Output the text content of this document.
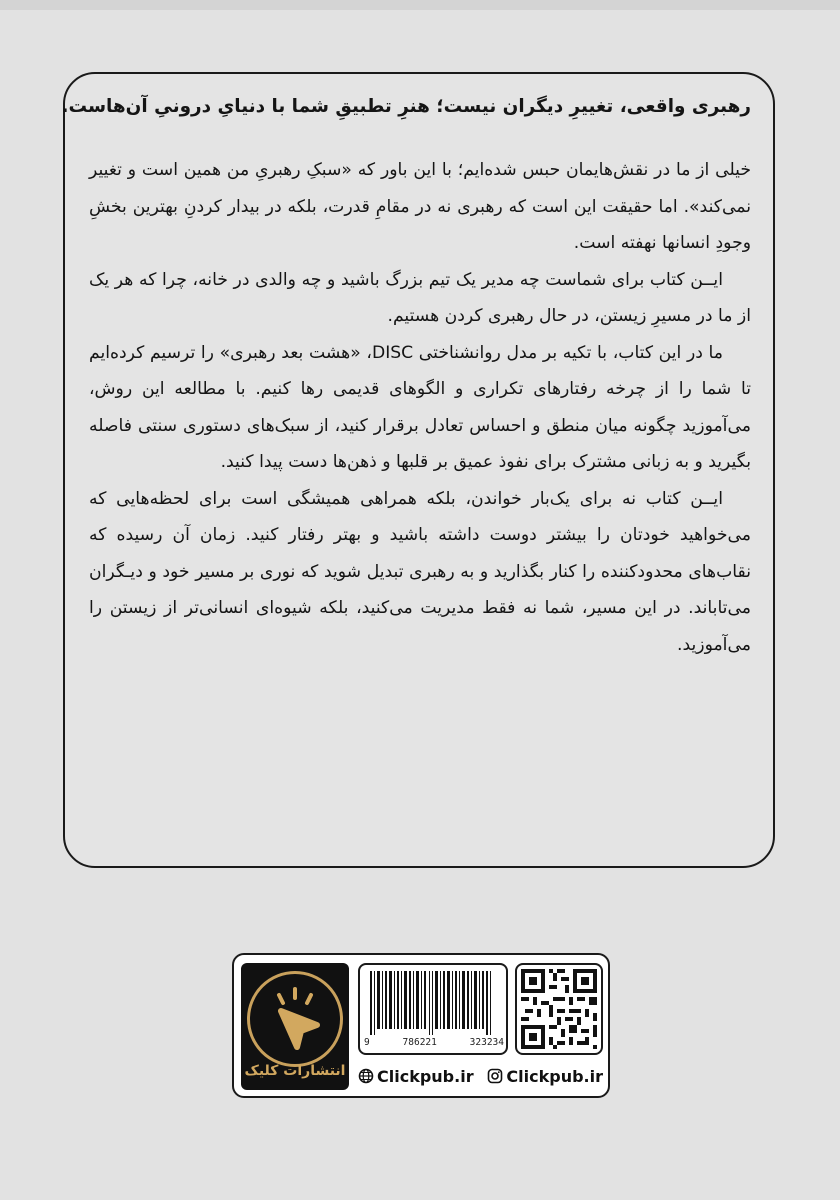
رهبری واقعی، تغییرِ دیگران نیست؛ هنرِ تطبیقِ شما با دنیایِ درونیِ آن‌هاست.

خیلی از ما در نقش‌هایمان حبس شده‌ایم؛ با این باور که «سبکِ رهبریِ من همین است و تغییر نمی‌کند». اما حقیقت این است که رهبری نه در مقامِ قدرت، بلکه در بیدار کردنِ بهترین بخشِ وجودِ انسانها نهفته است.

ایــن کتاب برای شماست چه مدیر یک تیم بزرگ باشید و چه والدی در خانه، چرا که هر یک از ما در مسیرِ زیستن، در حال رهبری کردن هستیم.

ما در این کتاب، با تکیه بر مدل روانشناختی DISC، «هشت بعد رهبری» را ترسیم کرده‌ایم تا شما را از چرخه رفتارهای تکراری و الگوهای قدیمی رها کنیم. با مطالعه این روش، می‌آموزید چگونه میان منطق و احساس تعادل برقرار کنید، از سبک‌های دستوری سنتی فاصله بگیرید و به زبانی مشترک برای نفوذ عمیق بر قلبها و ذهن‌ها دست پیدا کنید.

ایــن کتاب نه برای یک‌بار خواندن، بلکه همراهی همیشگی است برای لحظه‌هایی که می‌خواهید خودتان را بیشتر دوست داشته باشید و بهتر رفتار کنید. زمان آن رسیده که نقاب‌های محدودکننده را کنار بگذارید و به رهبری تبدیل شوید که نوری بر مسیر خود و دیـگران می‌تاباند. در این مسیر، شما نه فقط مدیریت می‌کنید، بلکه شیوه‌ای انسانی‌تر از زیستن را می‌آموزید.

انتشارات کلیک
9	786221	323234
Clickpub.ir Clickpub.ir
